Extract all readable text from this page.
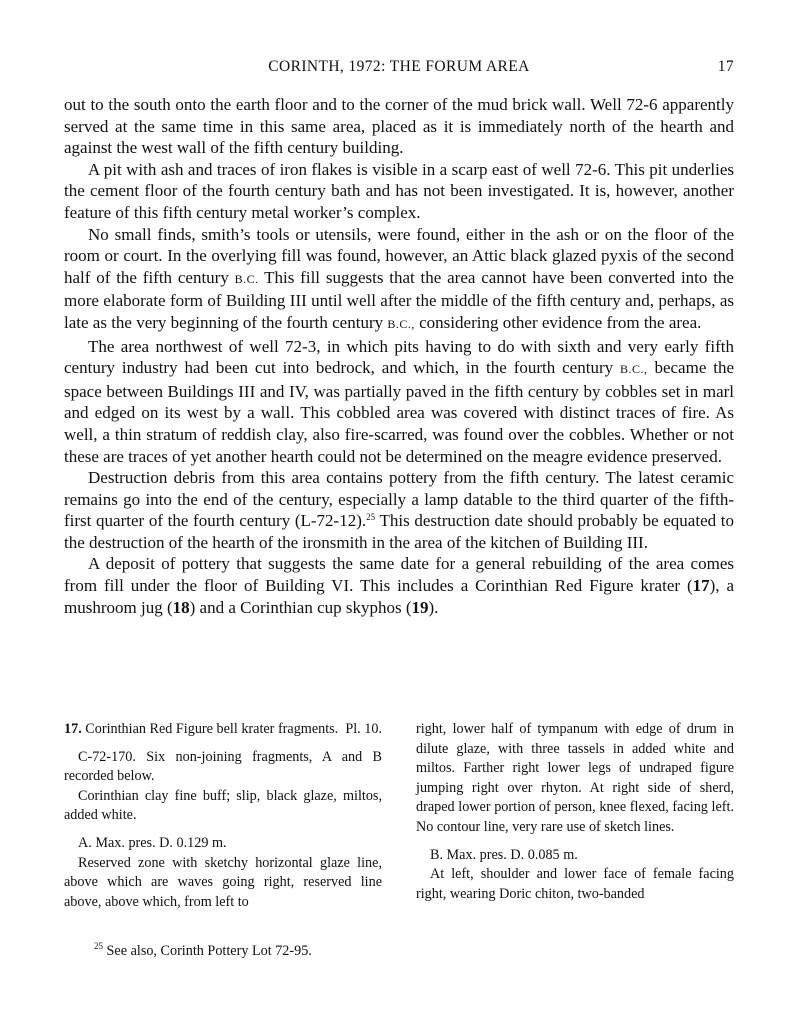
CORINTH, 1972: THE FORUM AREA	17

out to the south onto the earth floor and to the corner of the mud brick wall. Well 72-6 apparently served at the same time in this same area, placed as it is immediately north of the hearth and against the west wall of the fifth century building.

A pit with ash and traces of iron flakes is visible in a scarp east of well 72-6. This pit underlies the cement floor of the fourth century bath and has not been investigated. It is, however, another feature of this fifth century metal worker’s complex.

No small finds, smith’s tools or utensils, were found, either in the ash or on the floor of the room or court. In the overlying fill was found, however, an Attic black glazed pyxis of the second half of the fifth century B.C. This fill suggests that the area cannot have been converted into the more elaborate form of Building III until well after the middle of the fifth century and, perhaps, as late as the very beginning of the fourth century B.C., considering other evidence from the area.

The area northwest of well 72-3, in which pits having to do with sixth and very early fifth century industry had been cut into bedrock, and which, in the fourth century B.C., became the space between Buildings III and IV, was partially paved in the fifth century by cobbles set in marl and edged on its west by a wall. This cobbled area was covered with distinct traces of fire. As well, a thin stratum of reddish clay, also fire-scarred, was found over the cobbles. Whether or not these are traces of yet another hearth could not be determined on the meagre evidence preserved.

Destruction debris from this area contains pottery from the fifth century. The latest ceramic remains go into the end of the century, especially a lamp datable to the third quarter of the fifth-first quarter of the fourth century (L-72-12).$^{25}$ This destruction date should probably be equated to the destruction of the hearth of the ironsmith in the area of the kitchen of Building III.

A deposit of pottery that suggests the same date for a general rebuilding of the area comes from fill under the floor of Building VI. This includes a Corinthian Red Figure krater (17), a mushroom jug (18) and a Corinthian cup skyphos (19).

17. Corinthian Red Figure bell krater fragments. Pl. 10.

C-72-170. Six non-joining fragments, A and B recorded below.

Corinthian clay fine buff; slip, black glaze, miltos, added white.

A. Max. pres. D. 0.129 m.

Reserved zone with sketchy horizontal glaze line, above which are waves going right, reserved line above, above which, from left to

right, lower half of tympanum with edge of drum in dilute glaze, with three tassels in added white and miltos. Farther right lower legs of undraped figure jumping right over rhyton. At right side of sherd, draped lower portion of person, knee flexed, facing left. No contour line, very rare use of sketch lines.

B. Max. pres. D. 0.085 m.

At left, shoulder and lower face of female facing right, wearing Doric chiton, two-banded

$^{25}$ See also, Corinth Pottery Lot 72-95.
